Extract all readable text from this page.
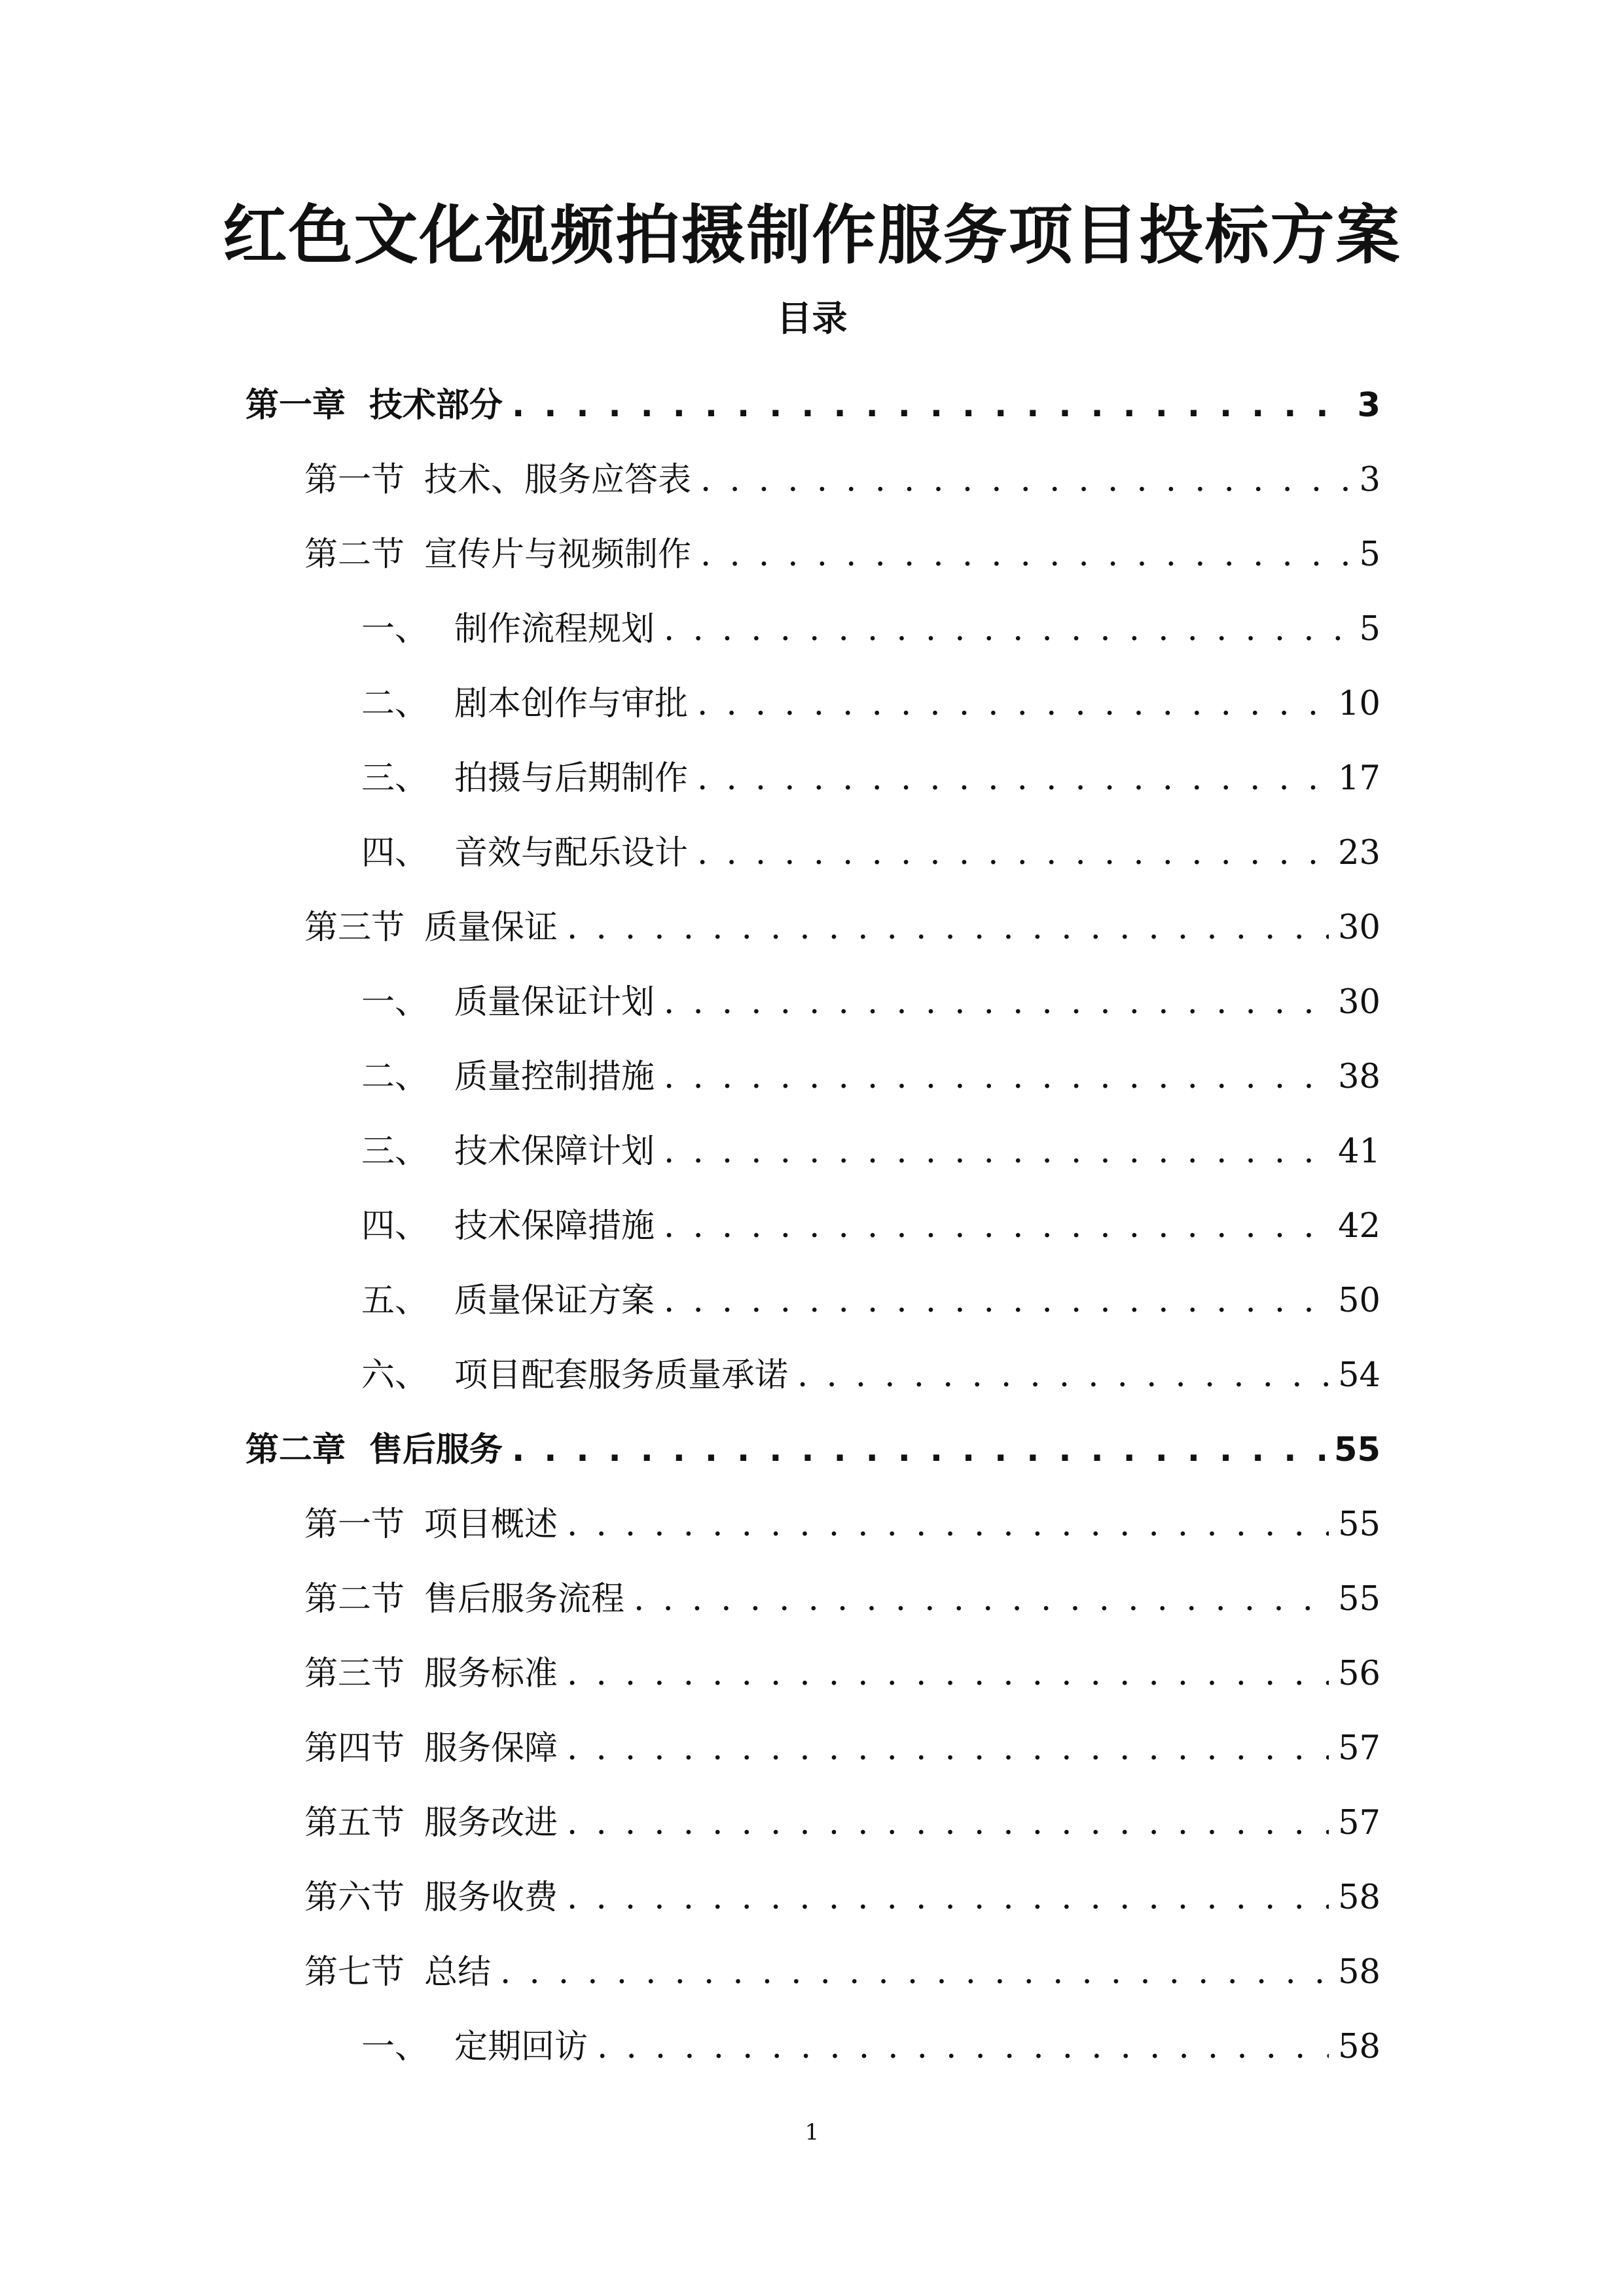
红色文化视频拍摄制作服务项目投标方案
目录
第一章 技术部分 . . .	3
第一节 技术、服务应答表 . . .	3
第二节 宣传片与视频制作 . . .	5
一、 制作流程规划 . . .	5
二、 剧本创作与审批 . . .	10
三、 拍摄与后期制作 . . .	17
四、 音效与配乐设计 . . .	23
第三节 质量保证 . . .	30
一、 质量保证计划 . . .	30
二、 质量控制措施 . . .	38
三、 技术保障计划 . . .	41
四、 技术保障措施 . . .	42
五、 质量保证方案 . . .	50
六、 项目配套服务质量承诺 . . .	54
第二章 售后服务 . . .	55
第一节 项目概述 . . .	55
第二节 售后服务流程 . . .	55
第三节 服务标准 . . .	56
第四节 服务保障 . . .	57
第五节 服务改进 . . .	57
第六节 服务收费 . . .	58
第七节 总结 . . .	58
一、 定期回访 . . .	58
1
